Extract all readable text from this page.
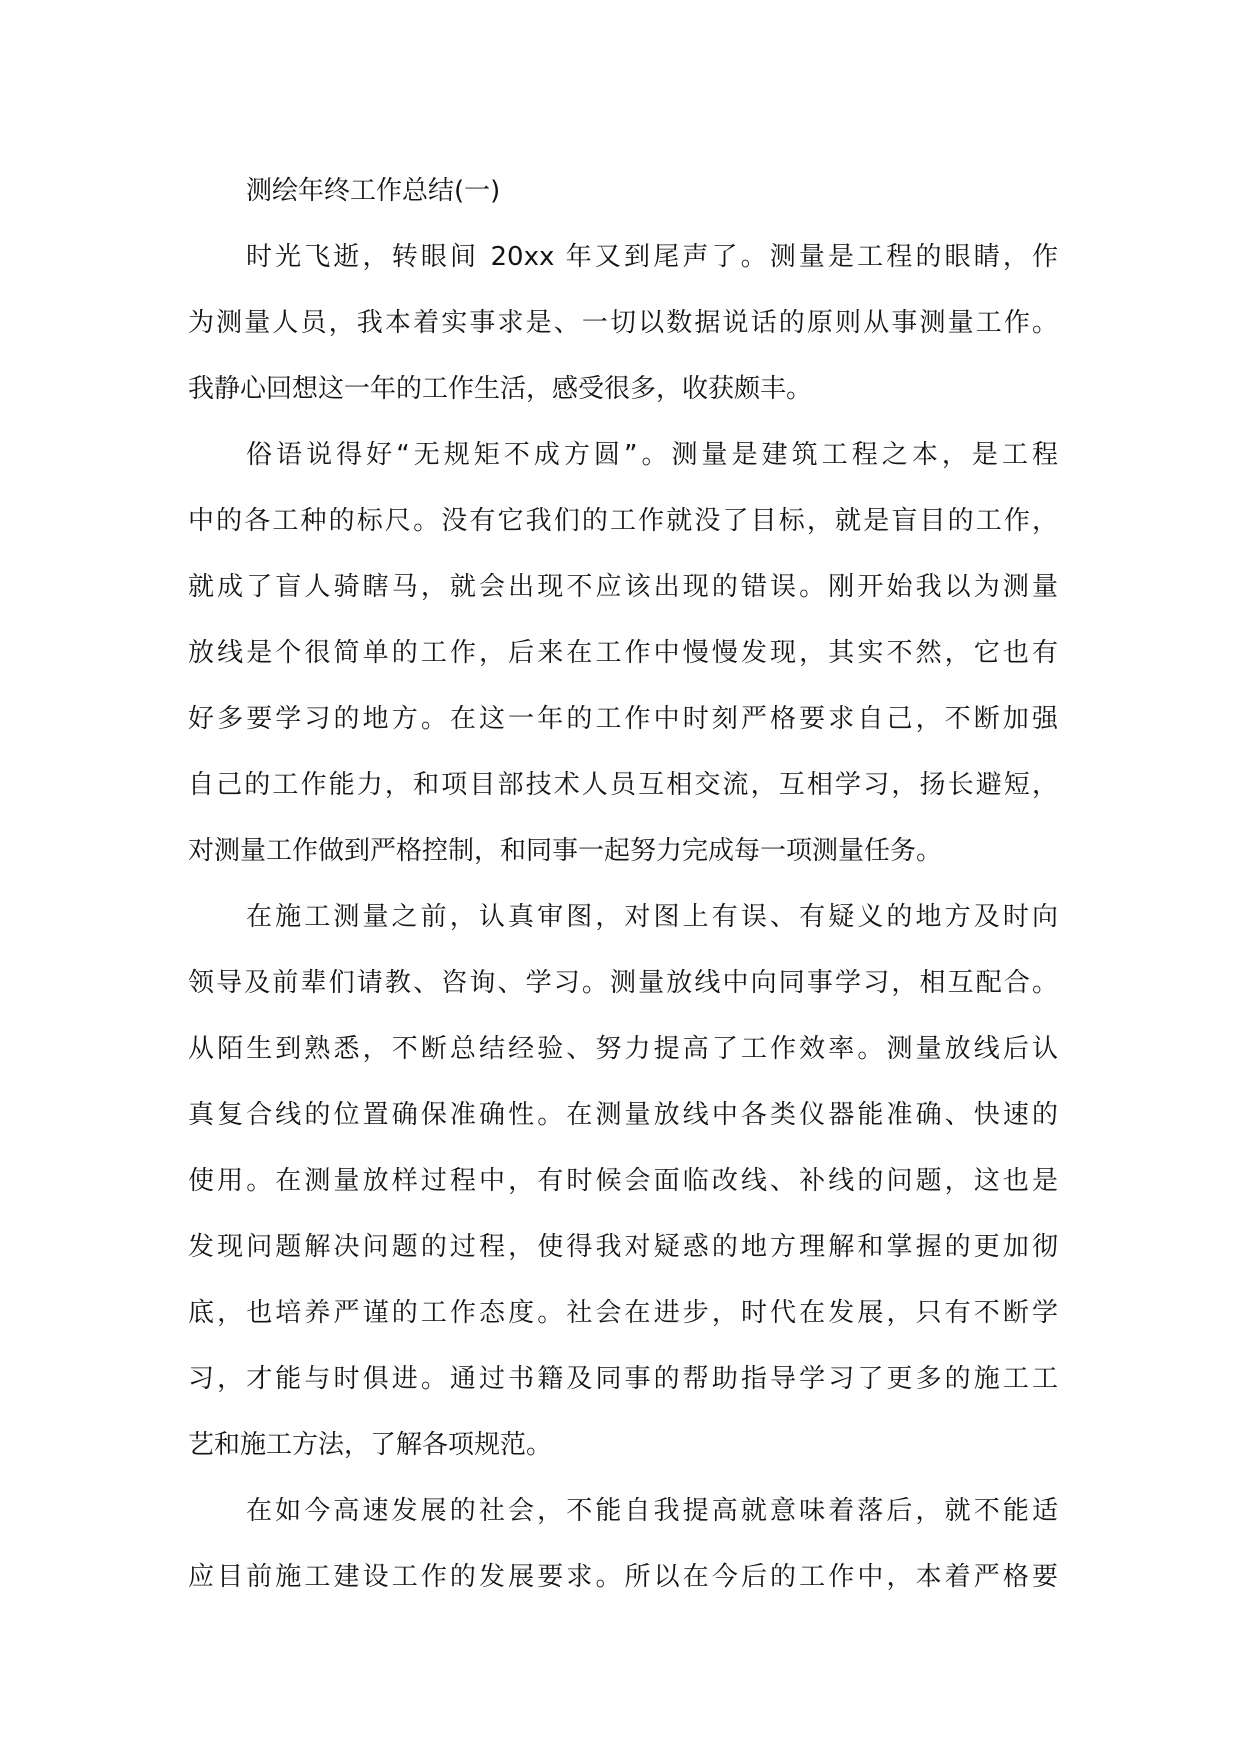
测绘年终工作总结(一)
时光飞逝，转眼间 20xx 年又到尾声了。测量是工程的眼睛，作
为测量人员，我本着实事求是、一切以数据说话的原则从事测量工作。
我静心回想这一年的工作生活，感受很多，收获颇丰。
俗语说得好“无规矩不成方圆”。测量是建筑工程之本，是工程
中的各工种的标尺。没有它我们的工作就没了目标，就是盲目的工作，
就成了盲人骑瞎马，就会出现不应该出现的错误。刚开始我以为测量
放线是个很简单的工作，后来在工作中慢慢发现，其实不然，它也有
好多要学习的地方。在这一年的工作中时刻严格要求自己，不断加强
自己的工作能力，和项目部技术人员互相交流，互相学习，扬长避短，
对测量工作做到严格控制，和同事一起努力完成每一项测量任务。
在施工测量之前，认真审图，对图上有误、有疑义的地方及时向
领导及前辈们请教、咨询、学习。测量放线中向同事学习，相互配合。
从陌生到熟悉，不断总结经验、努力提高了工作效率。测量放线后认
真复合线的位置确保准确性。在测量放线中各类仪器能准确、快速的
使用。在测量放样过程中，有时候会面临改线、补线的问题，这也是
发现问题解决问题的过程，使得我对疑惑的地方理解和掌握的更加彻
底，也培养严谨的工作态度。社会在进步，时代在发展，只有不断学
习，才能与时俱进。通过书籍及同事的帮助指导学习了更多的施工工
艺和施工方法，了解各项规范。
在如今高速发展的社会，不能自我提高就意味着落后，就不能适
应目前施工建设工作的发展要求。所以在今后的工作中，本着严格要
